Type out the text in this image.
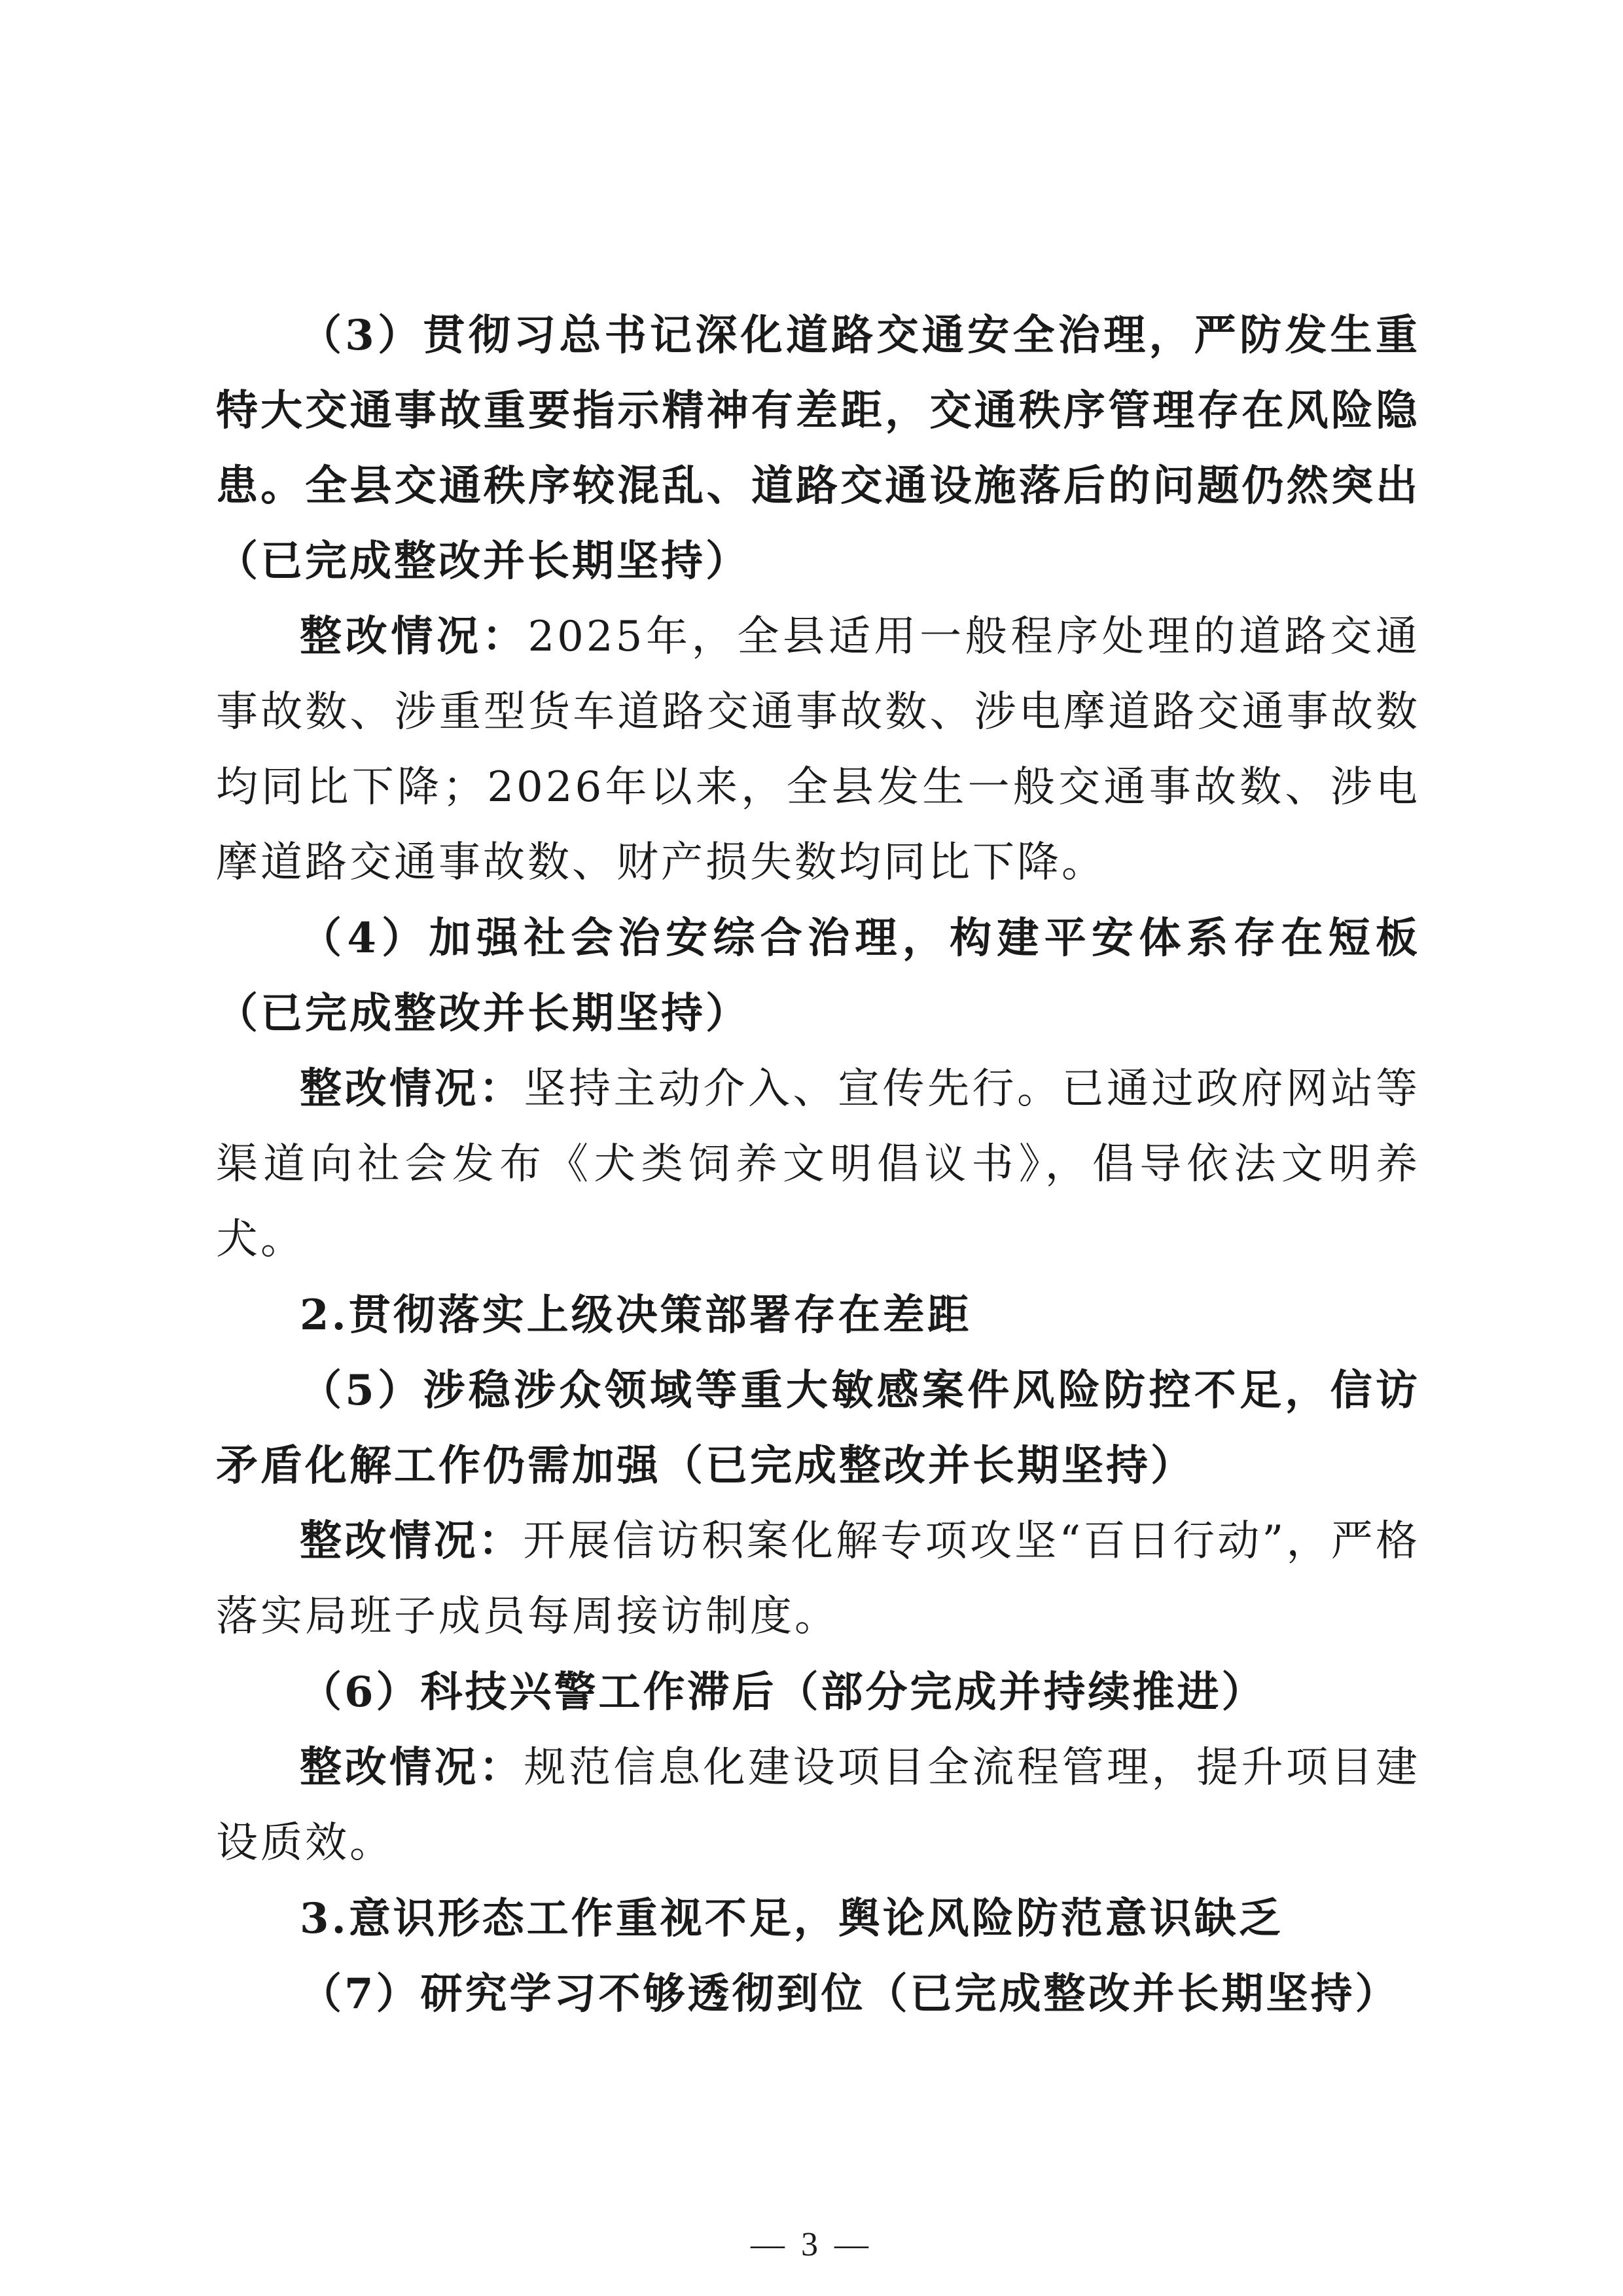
（3）贯彻习总书记深化道路交通安全治理，严防发生重特大交通事故重要指示精神有差距，交通秩序管理存在风险隐患。全县交通秩序较混乱、道路交通设施落后的问题仍然突出（已完成整改并长期坚持）

整改情况：2025年，全县适用一般程序处理的道路交通事故数、涉重型货车道路交通事故数、涉电摩道路交通事故数均同比下降；2026年以来，全县发生一般交通事故数、涉电摩道路交通事故数、财产损失数均同比下降。

（4）加强社会治安综合治理，构建平安体系存在短板（已完成整改并长期坚持）

整改情况：坚持主动介入、宣传先行。已通过政府网站等渠道向社会发布《犬类饲养文明倡议书》，倡导依法文明养犬。

2.贯彻落实上级决策部署存在差距

（5）涉稳涉众领域等重大敏感案件风险防控不足，信访矛盾化解工作仍需加强（已完成整改并长期坚持）

整改情况：开展信访积案化解专项攻坚“百日行动”，严格落实局班子成员每周接访制度。

（6）科技兴警工作滞后（部分完成并持续推进）

整改情况：规范信息化建设项目全流程管理，提升项目建设质效。

3.意识形态工作重视不足，舆论风险防范意识缺乏

（7）研究学习不够透彻到位（已完成整改并长期坚持）

— 3 —
